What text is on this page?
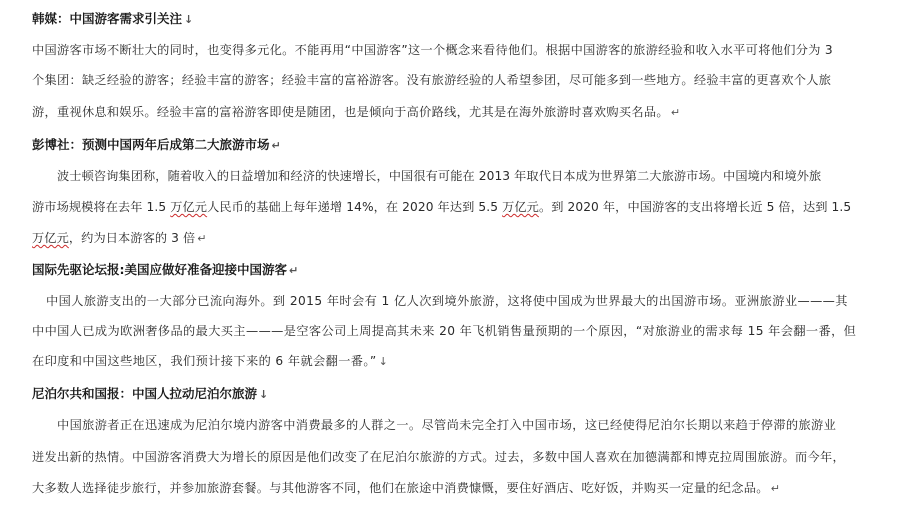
韩媒：中国游客需求引关注 ↓
中国游客市场不断壮大的同时，也变得多元化。不能再用“中国游客”这一个概念来看待他们。根据中国游客的旅游经验和收入水平可将他们分为 3
个集团：缺乏经验的游客；经验丰富的游客；经验丰富的富裕游客。没有旅游经验的人希望参团，尽可能多到一些地方。经验丰富的更喜欢个人旅
游，重视休息和娱乐。经验丰富的富裕游客即使是随团，也是倾向于高价路线，尤其是在海外旅游时喜欢购买名品。 ↵
彭博社：预测中国两年后成第二大旅游市场 ↵
波士顿咨询集团称，随着收入的日益增加和经济的快速增长，中国很有可能在 2013 年取代日本成为世界第二大旅游市场。中国境内和境外旅
游市场规模将在去年 1.5 万亿元人民币的基础上每年递增 14%，在 2020 年达到 5.5 万亿元。到 2020 年，中国游客的支出将增长近 5 倍，达到 1.5
万亿元，约为日本游客的 3 倍 ↵
国际先驱论坛报:美国应做好准备迎接中国游客 ↵
中国人旅游支出的一大部分已流向海外。到 2015 年时会有 1 亿人次到境外旅游，这将使中国成为世界最大的出国游市场。亚洲旅游业———其
中中国人已成为欧洲奢侈品的最大买主———是空客公司上周提高其未来 20 年飞机销售量预期的一个原因，“对旅游业的需求每 15 年会翻一番，但
在印度和中国这些地区，我们预计接下来的 6 年就会翻一番。” ↓
尼泊尔共和国报：中国人拉动尼泊尔旅游 ↓
中国旅游者正在迅速成为尼泊尔境内游客中消费最多的人群之一。尽管尚未完全打入中国市场，这已经使得尼泊尔长期以来趋于停滞的旅游业
迸发出新的热情。中国游客消费大为增长的原因是他们改变了在尼泊尔旅游的方式。过去，多数中国人喜欢在加德满都和博克拉周围旅游。而今年，
大多数人选择徒步旅行，并参加旅游套餐。与其他游客不同，他们在旅途中消费慷慨，要住好酒店、吃好饭，并购买一定量的纪念品。 ↵
